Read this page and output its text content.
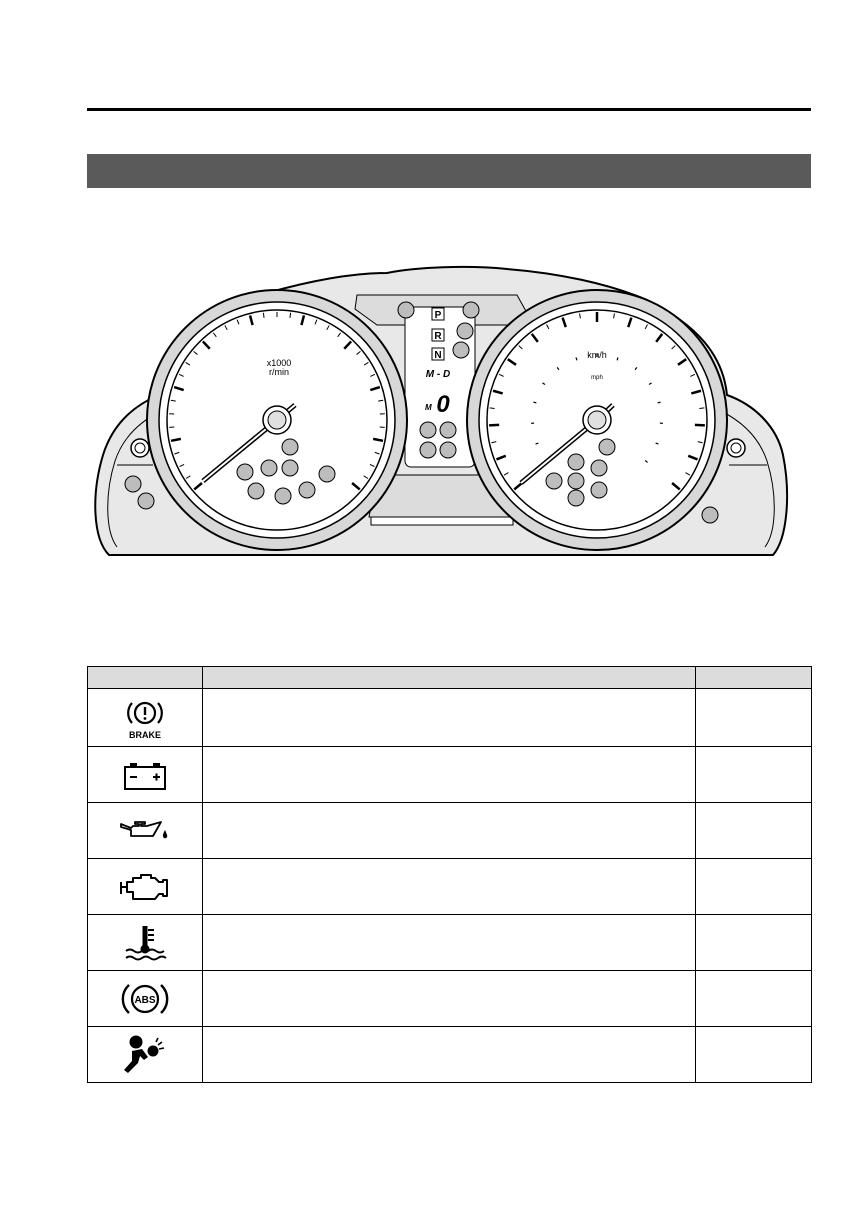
x1000
r/min
km/h
mph
P
R
N
M - D
M 0

BRAKE		

ABS		
